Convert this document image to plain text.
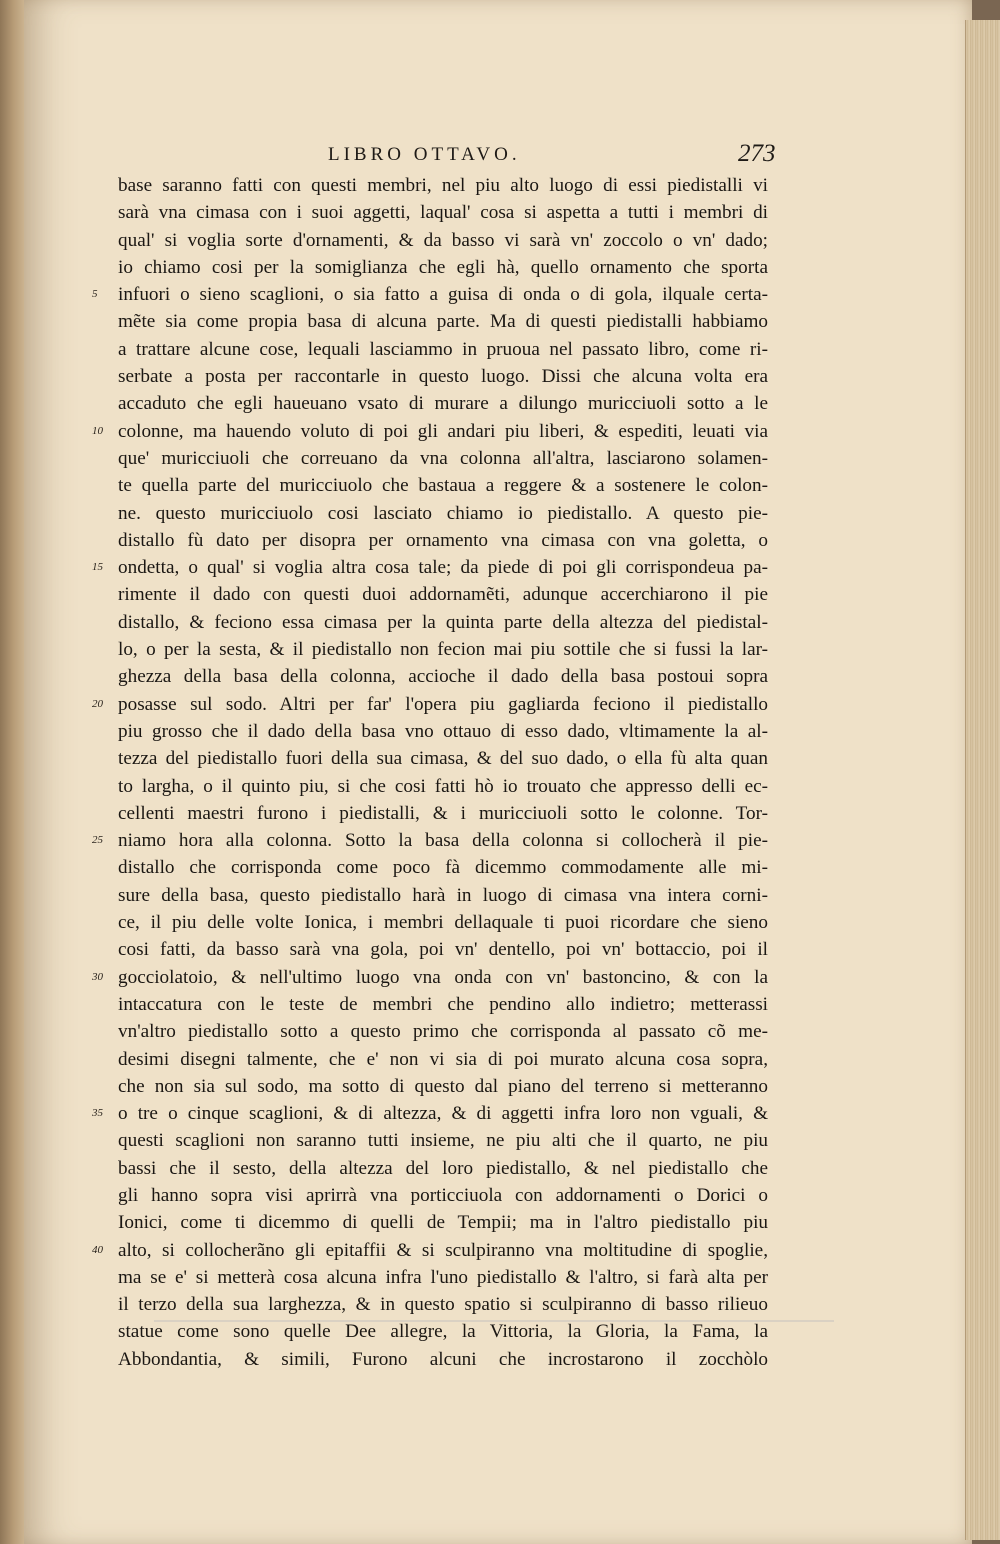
LIBRO OTTAVO.	273
base saranno fatti con questi membri, nel piu alto luogo di essi piedistalli vi
sarà vna cimasa con i suoi aggetti, laqual' cosa si aspetta a tutti i membri di
qual' si voglia sorte d'ornamenti, & da basso vi sarà vn' zoccolo o vn' dado;
io chiamo cosi per la somiglianza che egli hà, quello ornamento che sporta
5 infuori o sieno scaglioni, o sia fatto a guisa di onda o di gola, ilquale certa-
mẽte sia come propia basa di alcuna parte. Ma di questi piedistalli habbiamo
a trattare alcune cose, lequali lasciammo in pruoua nel passato libro, come ri-
serbate a posta per raccontarle in questo luogo. Dissi che alcuna volta era
accaduto che egli haueuano vsato di murare a dilungo muricciuoli sotto a le
10 colonne, ma hauendo voluto di poi gli andari piu liberi, & espediti, leuati via
que' muricciuoli che correuano da vna colonna all'altra, lasciarono solamen-
te quella parte del muricciuolo che bastaua a reggere & a sostenere le colon-
ne. questo muricciuolo cosi lasciato chiamo io piedistallo. A questo pie-
distallo fù dato per disopra per ornamento vna cimasa con vna goletta, o
15 ondetta, o qual' si voglia altra cosa tale; da piede di poi gli corrispondeua pa-
rimente il dado con questi duoi addornamẽti, adunque accerchiarono il pie
distallo, & feciono essa cimasa per la quinta parte della altezza del piedistal-
lo, o per la sesta, & il piedistallo non fecion mai piu sottile che si fussi la lar-
ghezza della basa della colonna, accioche il dado della basa postoui sopra
20 posasse sul sodo. Altri per far' l'opera piu gagliarda feciono il piedistallo
piu grosso che il dado della basa vno ottauo di esso dado, vltimamente la al-
tezza del piedistallo fuori della sua cimasa, & del suo dado, o ella fù alta quan
to largha, o il quinto piu, si che cosi fatti hò io trouato che appresso delli ec-
cellenti maestri furono i piedistalli, & i muricciuoli sotto le colonne. Tor-
25 niamo hora alla colonna. Sotto la basa della colonna si collocherà il pie-
distallo che corrisponda come poco fà dicemmo commodamente alle mi-
sure della basa, questo piedistallo harà in luogo di cimasa vna intera corni-
ce, il piu delle volte Ionica, i membri dellaquale ti puoi ricordare che sieno
cosi fatti, da basso sarà vna gola, poi vn' dentello, poi vn' bottaccio, poi il
30 gocciolatoio, & nell'ultimo luogo vna onda con vn' bastoncino, & con la
intaccatura con le teste de membri che pendino allo indietro; metterassi
vn'altro piedistallo sotto a questo primo che corrisponda al passato cõ me-
desimi disegni talmente, che e' non vi sia di poi murato alcuna cosa sopra,
che non sia sul sodo, ma sotto di questo dal piano del terreno si metteranno
35 o tre o cinque scaglioni, & di altezza, & di aggetti infra loro non vguali, &
questi scaglioni non saranno tutti insieme, ne piu alti che il quarto, ne piu
bassi che il sesto, della altezza del loro piedistallo, & nel piedistallo che
gli hanno sopra visi aprirrà vna porticciuola con addornamenti o Dorici o
Ionici, come ti dicemmo di quelli de Tempii; ma in l'altro piedistallo piu
40 alto, si collocherãno gli epitaffii & si sculpiranno vna moltitudine di spoglie,
ma se e' si metterà cosa alcuna infra l'uno piedistallo & l'altro, si farà alta per
il terzo della sua larghezza, & in questo spatio si sculpiranno di basso rilieuo
statue come sono quelle Dee allegre, la Vittoria, la Gloria, la Fama, la
Abbondantia, & simili, Furono alcuni che incrostarono il zocchòlo
